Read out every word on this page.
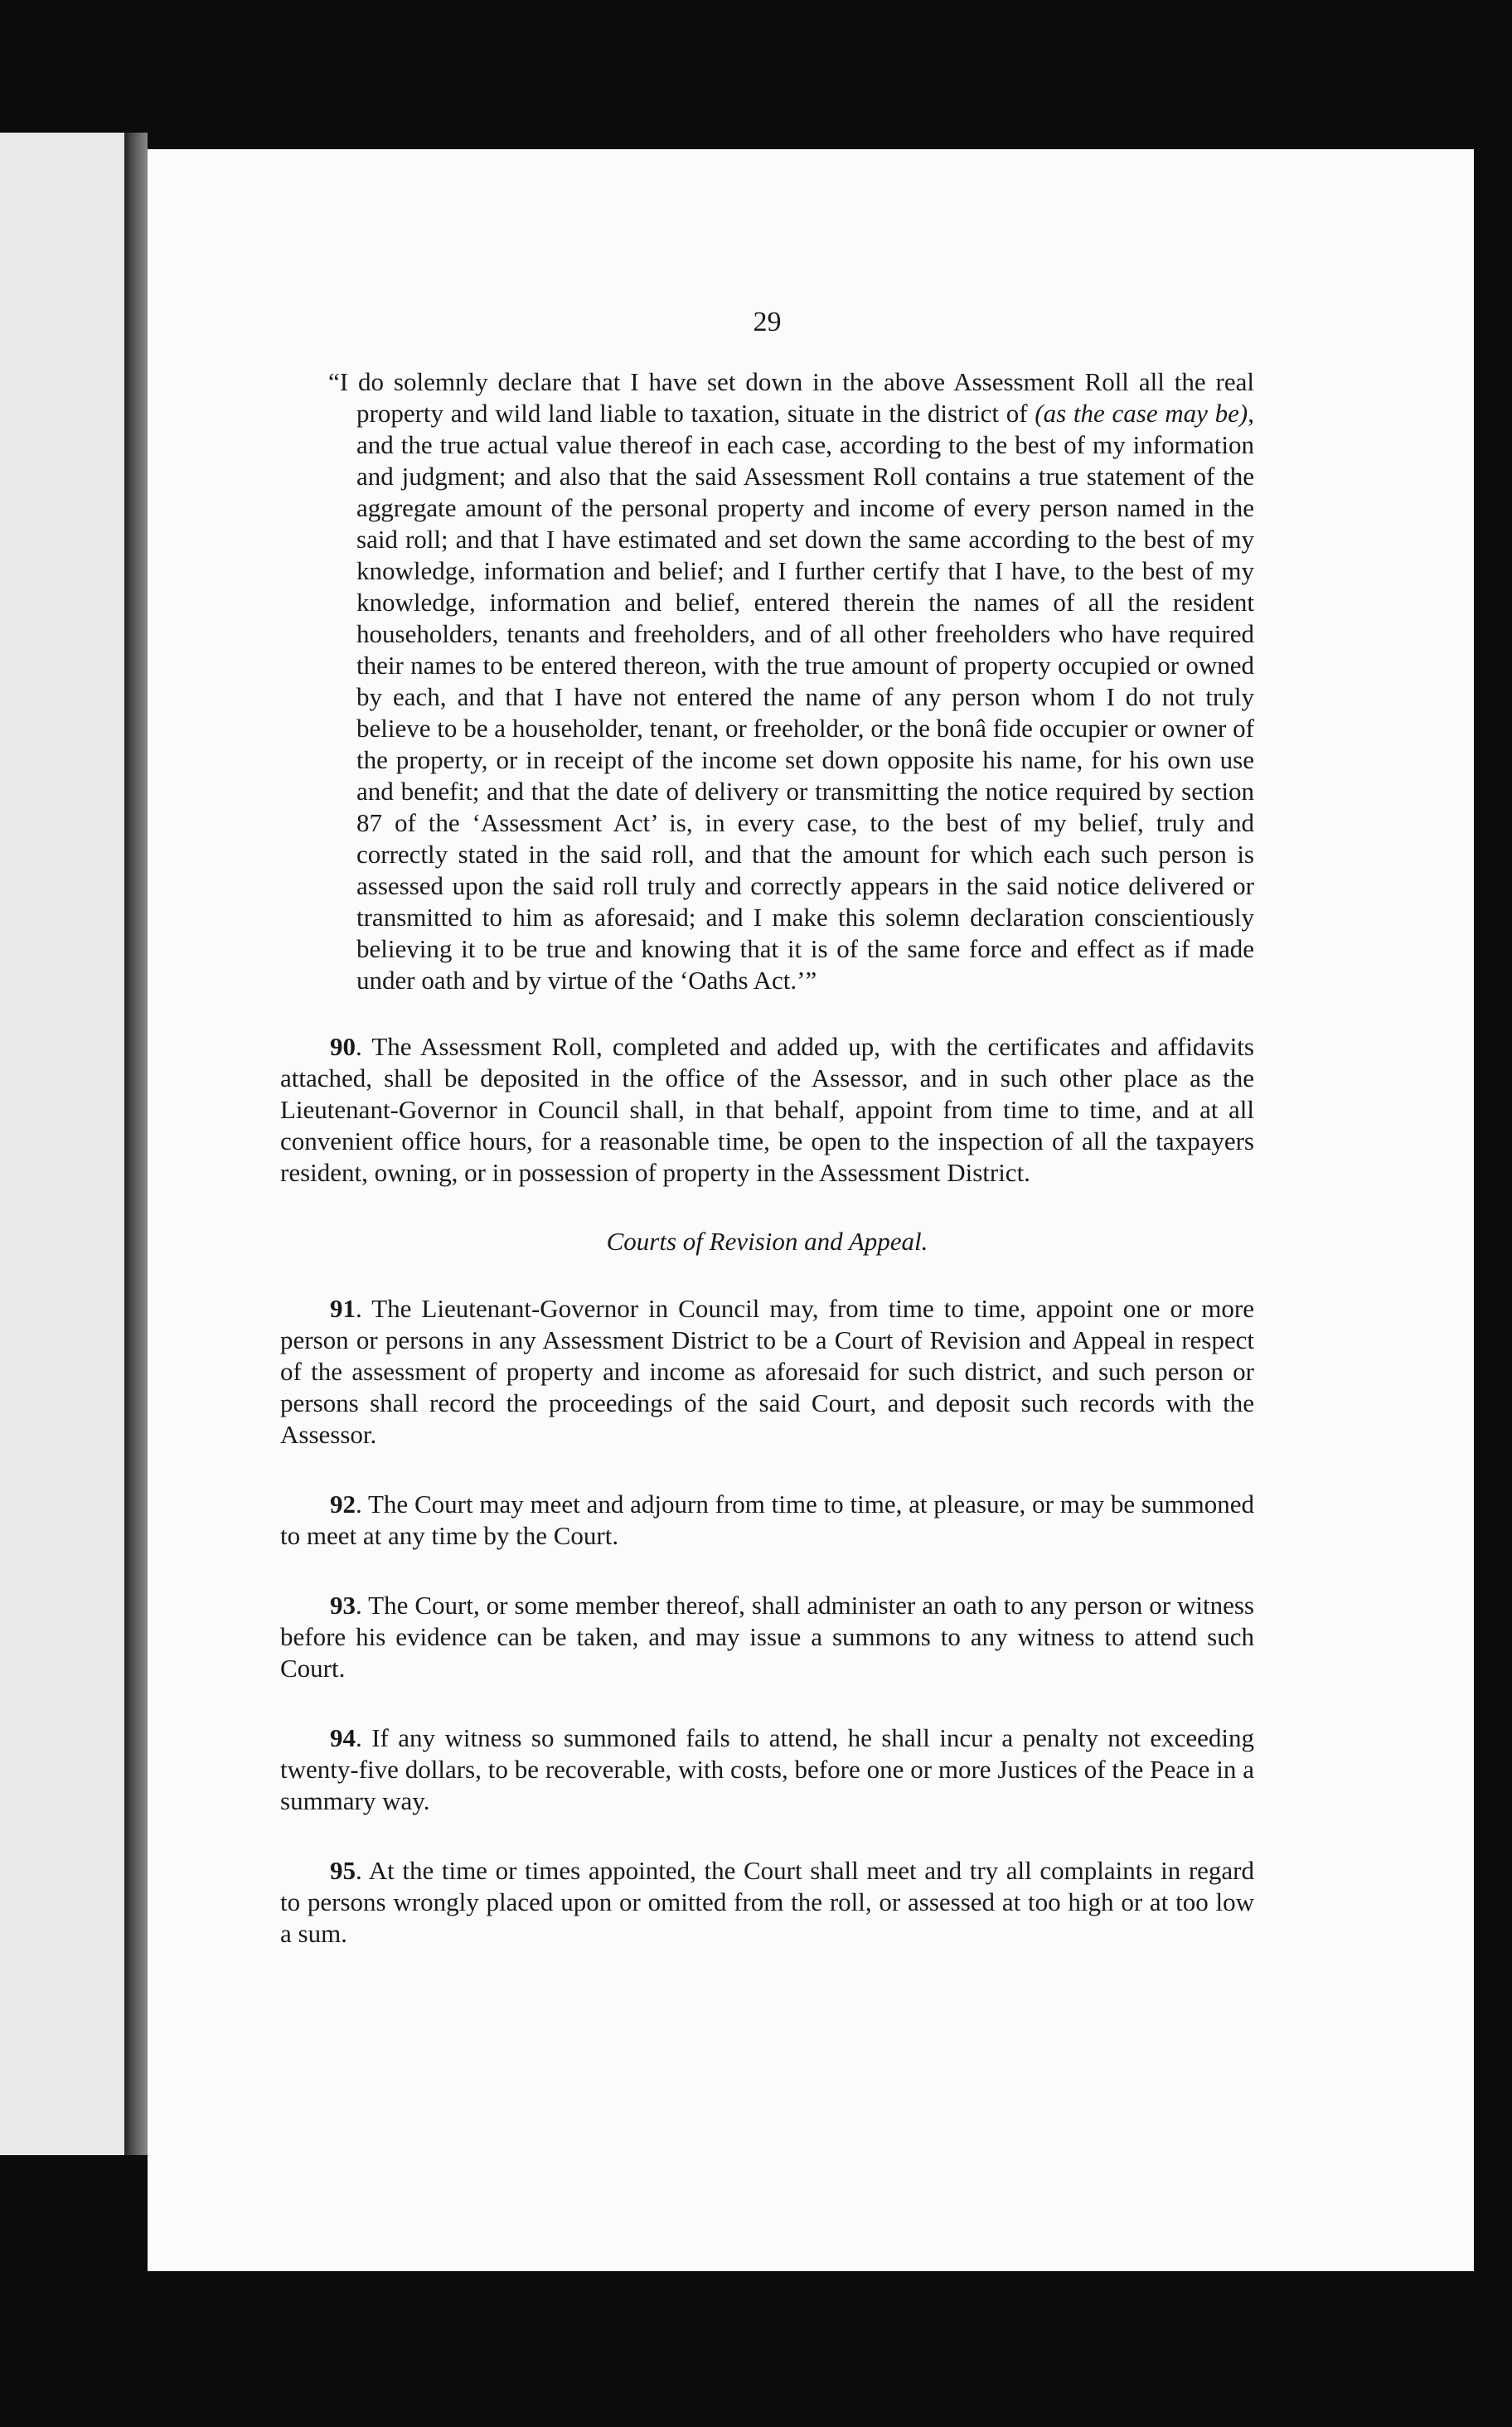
29

“I do solemnly declare that I have set down in the above Assessment Roll all the real property and wild land liable to taxation, situate in the district of (as the case may be), and the true actual value thereof in each case, according to the best of my information and judgment; and also that the said Assessment Roll contains a true statement of the aggregate amount of the personal property and income of every person named in the said roll; and that I have estimated and set down the same according to the best of my knowledge, information and belief; and I further certify that I have, to the best of my knowledge, information and belief, entered therein the names of all the resident householders, tenants and freeholders, and of all other freeholders who have required their names to be entered thereon, with the true amount of property occupied or owned by each, and that I have not entered the name of any person whom I do not truly believe to be a householder, tenant, or freeholder, or the bonâ fide occupier or owner of the property, or in receipt of the income set down opposite his name, for his own use and benefit; and that the date of delivery or transmitting the notice required by section 87 of the ‘Assessment Act’ is, in every case, to the best of my belief, truly and correctly stated in the said roll, and that the amount for which each such person is assessed upon the said roll truly and correctly appears in the said notice delivered or transmitted to him as aforesaid; and I make this solemn declaration conscientiously believing it to be true and knowing that it is of the same force and effect as if made under oath and by virtue of the ‘Oaths Act.’”

90. The Assessment Roll, completed and added up, with the certificates and affidavits attached, shall be deposited in the office of the Assessor, and in such other place as the Lieutenant-Governor in Council shall, in that behalf, appoint from time to time, and at all convenient office hours, for a reasonable time, be open to the inspection of all the taxpayers resident, owning, or in possession of property in the Assessment District.

Courts of Revision and Appeal.

91. The Lieutenant-Governor in Council may, from time to time, appoint one or more person or persons in any Assessment District to be a Court of Revision and Appeal in respect of the assessment of property and income as aforesaid for such district, and such person or persons shall record the proceedings of the said Court, and deposit such records with the Assessor.

92. The Court may meet and adjourn from time to time, at pleasure, or may be summoned to meet at any time by the Court.

93. The Court, or some member thereof, shall administer an oath to any person or witness before his evidence can be taken, and may issue a summons to any witness to attend such Court.

94. If any witness so summoned fails to attend, he shall incur a penalty not exceeding twenty-five dollars, to be recoverable, with costs, before one or more Justices of the Peace in a summary way.

95. At the time or times appointed, the Court shall meet and try all complaints in regard to persons wrongly placed upon or omitted from the roll, or assessed at too high or at too low a sum.
